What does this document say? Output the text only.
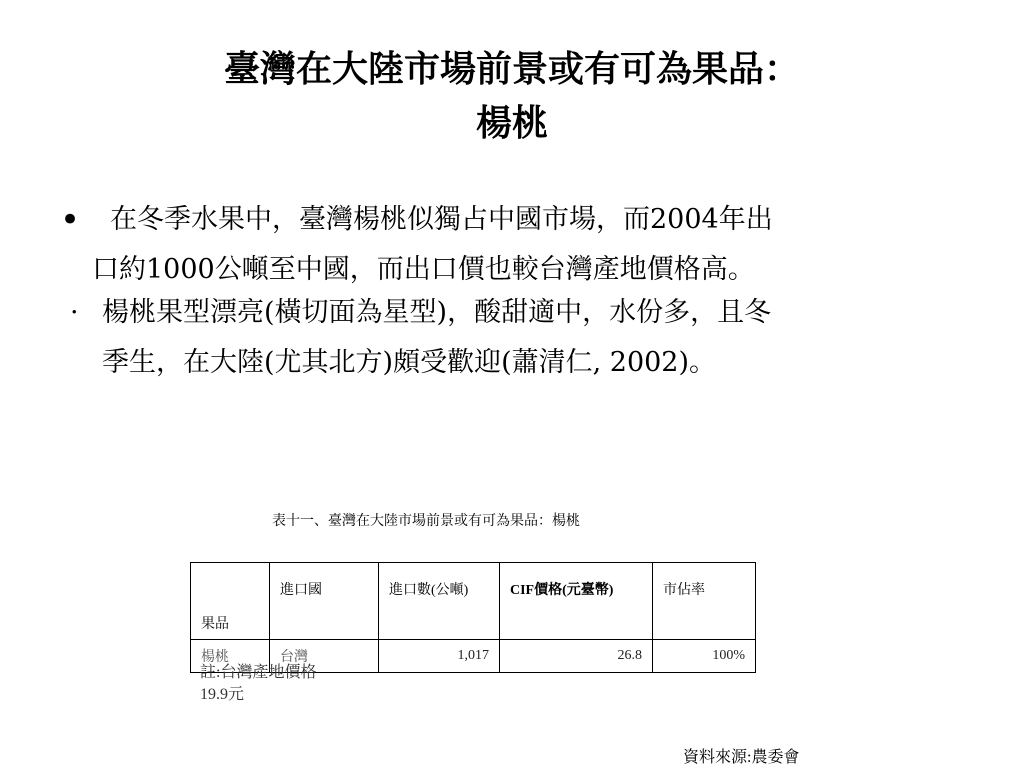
臺灣在大陸市場前景或有可為果品：
楊桃
•	在冬季水果中，臺灣楊桃似獨占中國市場，而2004年出
口約1000公噸至中國，而出口價也較台灣產地價格高。
· 楊桃果型漂亮(橫切面為星型)，酸甜適中，水份多，且冬
季生，在大陸(尤其北方)頗受歡迎(蕭清仁, 2002)。
表十一、臺灣在大陸市場前景或有可為果品：楊桃
果品	進口國	進口數(公噸)	CIF價格(元臺幣)	市佔率
楊桃	台灣	1,017	26.8	100%
註:台灣產地價格
19.9元
資料來源:農委會
